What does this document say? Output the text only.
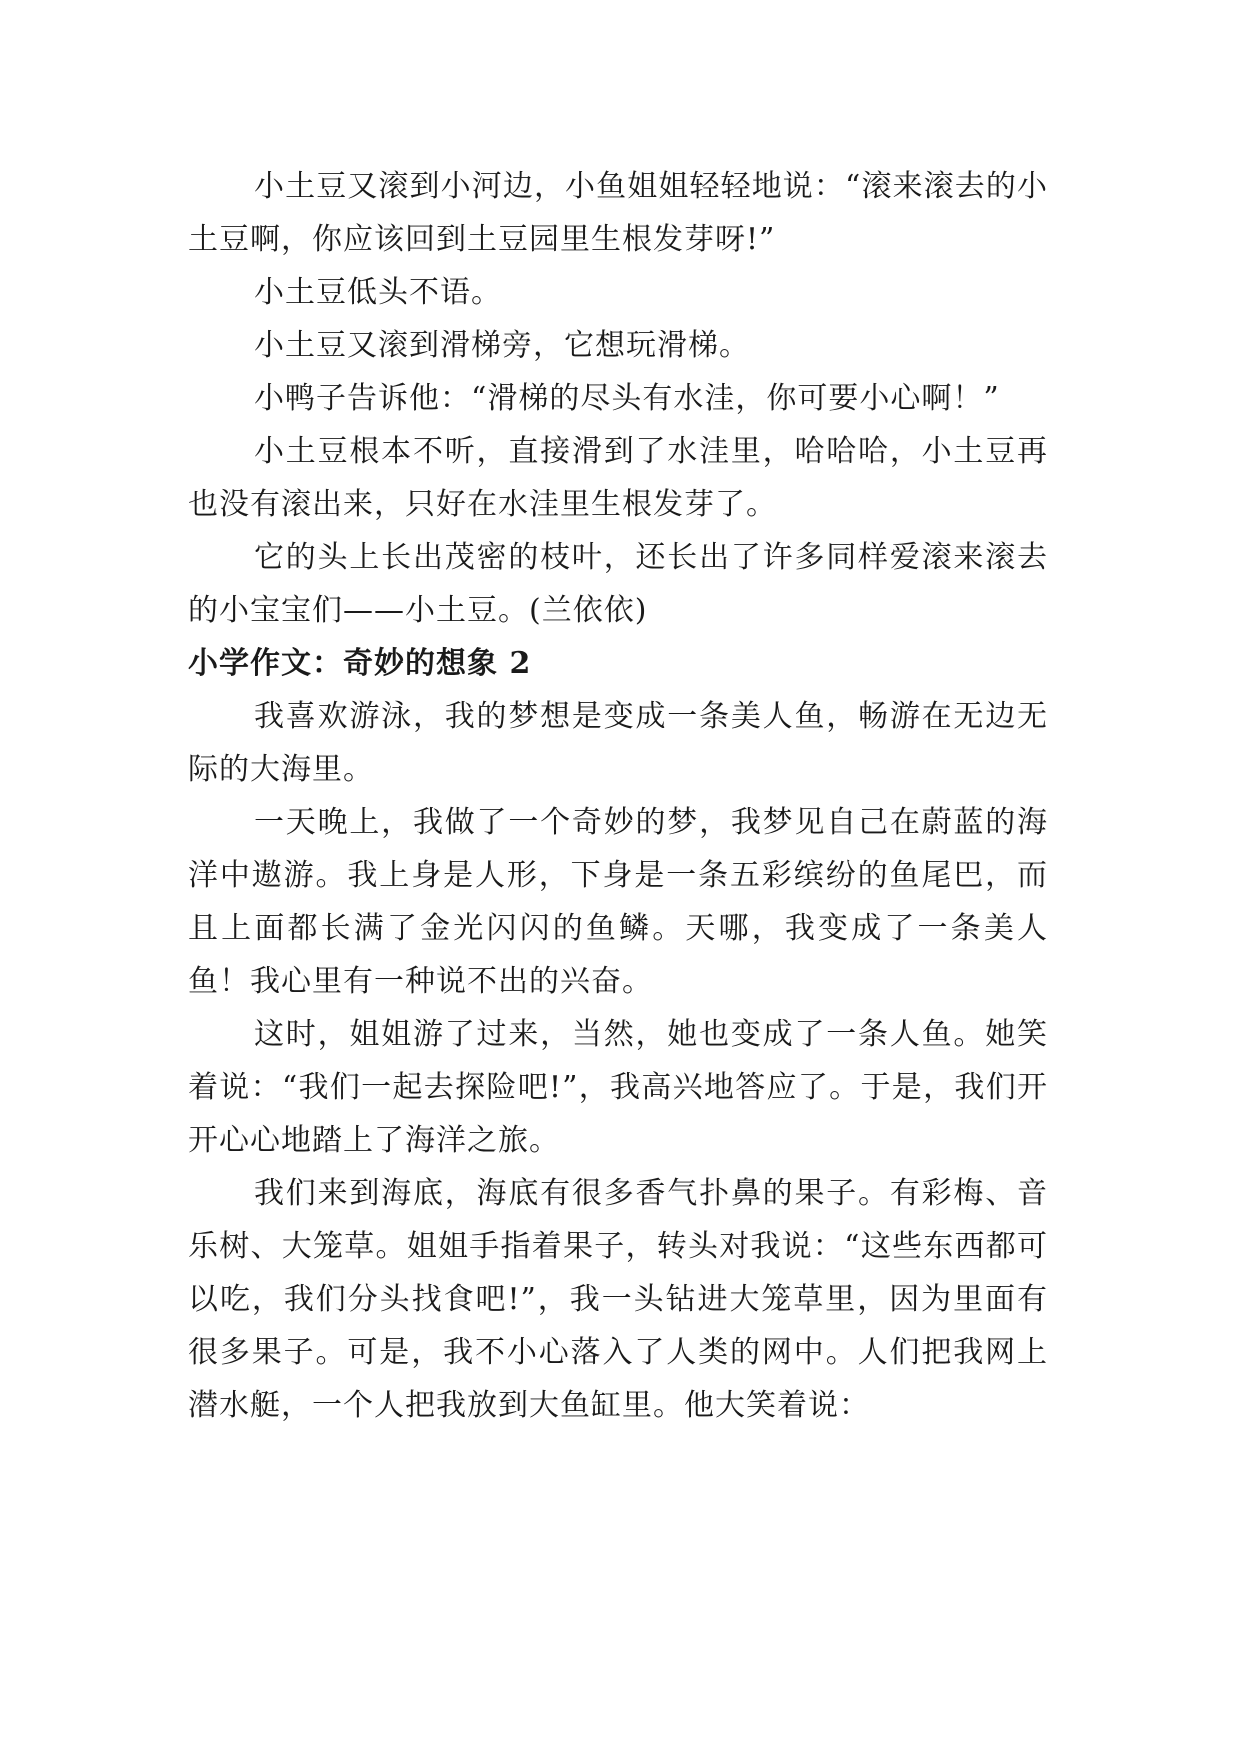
小土豆又滚到小河边，小鱼姐姐轻轻地说：“滚来滚去的小土豆啊，你应该回到土豆园里生根发芽呀!”

小土豆低头不语。

小土豆又滚到滑梯旁，它想玩滑梯。

小鸭子告诉他：“滑梯的尽头有水洼，你可要小心啊！”

小土豆根本不听，直接滑到了水洼里，哈哈哈，小土豆再也没有滚出来，只好在水洼里生根发芽了。

它的头上长出茂密的枝叶，还长出了许多同样爱滚来滚去的小宝宝们——小土豆。(兰依依)

小学作文：奇妙的想象 2

我喜欢游泳，我的梦想是变成一条美人鱼，畅游在无边无际的大海里。

一天晚上，我做了一个奇妙的梦，我梦见自己在蔚蓝的海洋中遨游。我上身是人形，下身是一条五彩缤纷的鱼尾巴，而且上面都长满了金光闪闪的鱼鳞。天哪，我变成了一条美人鱼！我心里有一种说不出的兴奋。

这时，姐姐游了过来，当然，她也变成了一条人鱼。她笑着说：“我们一起去探险吧!”，我高兴地答应了。于是，我们开开心心地踏上了海洋之旅。

我们来到海底，海底有很多香气扑鼻的果子。有彩梅、音乐树、大笼草。姐姐手指着果子，转头对我说：“这些东西都可以吃，我们分头找食吧!”，我一头钻进大笼草里，因为里面有很多果子。可是，我不小心落入了人类的网中。人们把我网上潜水艇，一个人把我放到大鱼缸里。他大笑着说：
